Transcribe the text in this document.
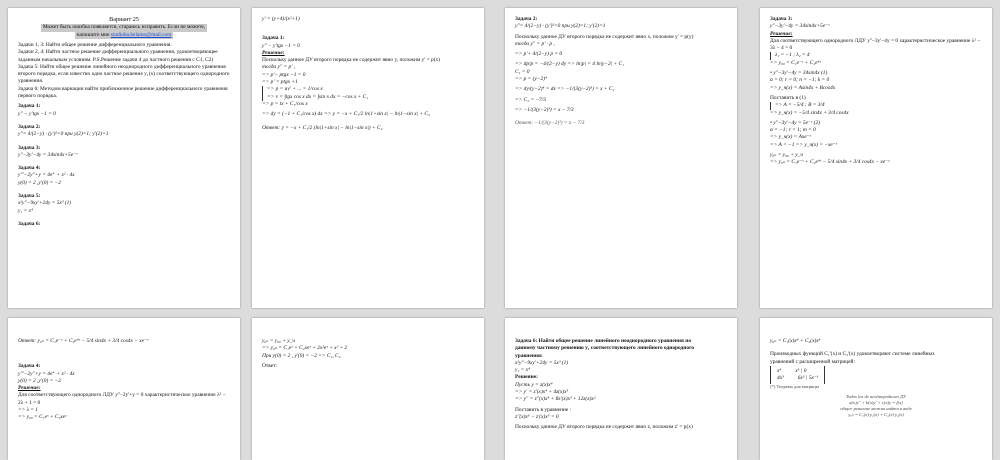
Вариант 25
Может быть ошибка появляется, стараюсь исправить. Если не можете,
напишите мне studioba.belamo@mail.com
Задачи 1, 3: Найти общее решение дифференциального уравнения.
Задачи 2, 4: Найти частное решение дифференциального уравнения, удовлетворяющее заданным начальным условиям. P.S.Решение задачи 4 до частного решения с С1, С2)
Задача 5: Найти общее решение линейного неоднородного дифференциального уравнения второго порядка, если известно одно частное решение y₁(x) соответствующего однородного уравнения.
Задача 6: Методом вариации найти приближенное решение дифференциального уравнения первого порядка.
Задача 1:
y'' − y'tgx −1 = 0
Задача 2:
y''= 4/(2−y) · (y')²=0 при y(2)=1; y'(2)=1
Задача 3:
y''−3y'−4y = 34sin4x+5e⁻ˣ
Задача 4:
y'''−2y''+y = 4e⁺ + x² · 4x
y(0) = 2 ,y'(0) = −2
Задача 5:
x²y''−9xy'+24y = 5x³ (1)
y₁ = x⁴
Задача 6:
y' = (y+4)/(x²+1)
Задача 1:
y'' − y'tgx −1 = 0
Решение:
Поскольку данное ДУ второго порядка не содержит явно y, положим y' = p(x)
тогда y'' = p' ,
=> p'− ptgx −1 = 0
=> p' = ptgx +1
=> p = uv' + ... = 1/cos x
=> v = ∫tgx cos x dx = ∫sin x dx = −cos x + C₁
=> p = tx + C₁/cos x
=> dy = (−1 + C₁/cos x) dx => y = −x + C₁/2 ln|1+sin x| − ln|1−sin x| + C₂
Ответ: y = −x + C₁/2 (ln|1+sin x| − ln|1−sin x|) + C₂
Задача 2:
y''= 4/(2−y) · (y')²=0 при y(2)=1; y'(2)=1
Поскольку данное ДУ второго порядка не содержит явно x, положим y' = p(y)
тогда y'' = p' · p ,
=> p'+ 4/(2−y) p = 0
=> dp/p = −4/(2−y) dy => ln|p| = 4 ln|y−2| + C₁
C₁ = 0
=> p = (y−2)⁴
=> dy/(y−2)⁴ = dx => −1/(3(y−2)³) = x + C₂
=> C₂ = −7/3
=> −1/(3(y−2)³) = x − 7/3
Ответ: −1/(3(y−2)³) = x − 7/3
Задача 3:
y''−3y'−4y = 34sin4x+5e⁻ˣ
Решение:
Для соответствующего однородного ЛДУ y''−3y'−4y = 0 характеристическое уравнение λ² − 3λ − 4 = 0
λ₁ = −1 ; λ₂ = 4
=> y₀₀ = C₁e⁻ˣ + C₂e⁴ˣ
• y''−3y'−4y = 34sin4x (1)
α = 0; r = 0; n = −1; k = 0
=> y_ч(x) = Asin4x + Bcos4x
Поставить в (1)
=> A = −5/4 ; B = 3/4
=> y_ч(x) = −5/4 sin4x + 3/4 cos4x
• y''−3y'−4y = 5e⁻ˣ (2)
α = −1; r = 1; m = 0
=> y_ч(x) = Axe⁻ˣ
=> A = −1 => y_ч(x) = −xe⁻ˣ
y₀ₙ = y₀₀ + y_ч
=> y₀ₙ = C₁e⁻ˣ + C₂e⁴ˣ − 5/4 sin4x + 3/4 cos4x − xe⁻ˣ
Ответ: y₀ₙ = C₁e⁻ˣ + C₂e⁴ˣ − 5/4 sin4x + 3/4 cos4x − xe⁻ˣ
Задача 4:
y'''−2y''+y = 4e⁺ + x² · 4x
y(0) = 2 ,y'(0) = −2
Решение:
Для соответствующего однородного ЛДУ y''−2y'+y = 0 характеристическое уравнение λ² − 2λ + 1 = 0
=> λ = 1
=> y₀₀ = C₁eˣ + C₂xeˣ
y₀ₙ = y₀₀ + y_ч
=> y₀ₙ = C₁eˣ + C₂xeˣ + 2x²eˣ + x² + 2
При y(0) = 2 , y'(0) = −2 => C₁, C₂
Ответ:
Задача 6: Найти общее решение линейного неоднородного уравнения по
данному частному решению y₁ соответствующего линейного однородного
уравнения:
x²y''−9xy'+24y = 5x³ (1)
y₁ = x⁴
Решение:
Пусть y = z(x)x⁴
=> y' = z'(x)x⁴ + 4z(x)x³
=> y'' = z''(x)x⁴ + 8z'(x)x³ + 12z(x)x²
Поставить в уравнение :
z''(x)x⁶ − z'(x)x⁵ = 0
Поскольку данное ДУ второго порядка не содержит явно z, положим z' = p(x)
y₀ₙ = C₁(x)x⁴ + C₂(x)x⁶
Производных функций C₁'(x) и C₂'(x) удовлетворяют системе линейных
уравнений с расширенной матрицей:
x⁴	x⁶ | 0
4x³	6x⁵ | 5x⁻¹
(*) Теорема для матрицы
Todos los de неоднородного ДУ
a(x)y'' + b(x)y' + c(x)y = f(x)
общее решение можно найти в виде
y₀ₙ = C₁(x)·y₁(x) + C₂(x)·y₂(x)
